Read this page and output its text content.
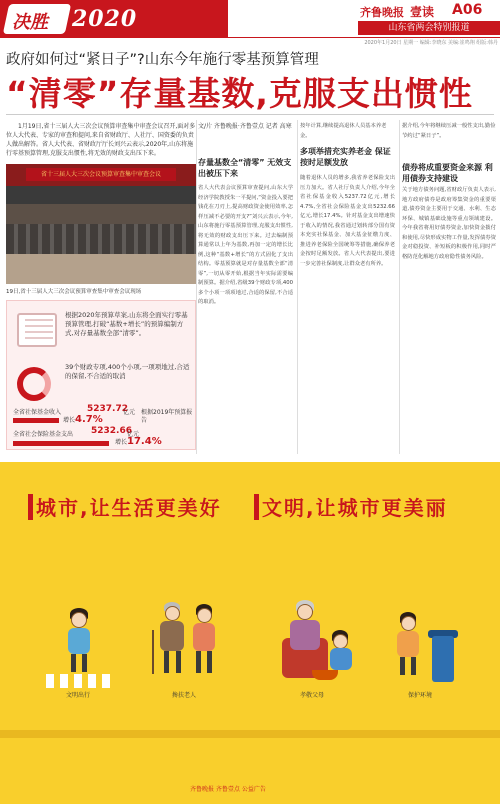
决胜 2020	齐鲁晚报 壹读 A06
山东省两会特别报道
2020年1月20日 星期一 编辑:李晓东 美编:崔鸣翔 组版:韩丹
政府如何过“紧日子”?山东今年施行零基预算管理
“清零”存量基数,克服支出惯性

1月19日,省十三届人大三次会议预算审查集中审查会议召开,面对多位人大代表、专家的审查和提问,来自省财政厅、人社厅、国资委的负责人做出解答。省人大代表、省财政厅厅长刘兴云表示,2020年,山东将施行零基预算管理,克服支出惯性,将无效的财政支出压下来。

省十三届人大三次会议预算审查集中审查会议
19日,省十三届人大三次会议预算审查集中审查会议现场
根据2020年预算草案,山东将全面实行零基预算管理,打破“基数+增长”的预算编制方式,对存量基数全部“清零”。
39个财政专项,400个小项,一项项地过,合适的保留,不合适的取消
全省社保基金收入	5237.72
亿元
增长4.7%
根据2019年预算报告
全省社会保险基金支出 5232.66
亿元
增长17.4%

文/片 齐鲁晚报·齐鲁壹点 记者 高寒

存量基数全“清零” 无效支出被压下来
省人大代表会议预算审查提问,山东大学经济学院教授朱一平提问,“资金投入要把钱花在刀刃上,提高财政资金使用效率,怎样压减不必要的开支?”刘兴云表示,今年,山东将施行零基预算管理,克服支出惯性,将无效的财政支出压下来。过去编制预算通常以上年为基数,再加一定的增长比例,这种“基数+增长”的方式固化了支出结构。零基预算就是对存量基数全部“清零”,一切从零开始,根据当年实际需要编制预算。据介绍,省级39个财政专项,400多个小项一项项地过,合适的保留,不合适的取消。
按年计算,继续提高退休人员基本养老金。
多项举措充实养老金 保证按时足额发放
随着退休人员的增多,我省养老保险支出压力加大。省人社厅负责人介绍,今年全省社保基金收入5237.72亿元,增长4.7%,全省社会保险基金支出5232.66亿元,增长17.4%。针对基金支出增速快于收入的情况,我省通过划转部分国有资本充实社保基金、加大基金征缴力度、推进养老保险全国统筹等措施,确保养老金按时足额发放。省人大代表提出,要进一步完善社保制度,让群众老有所养。
据介绍,今年将继续压减一般性支出,勤俭节约过“紧日子”。
债券将成重要资金来源 利用债券支持建设
关于地方债务问题,省财政厅负责人表示,地方政府债券是政府筹集资金的重要渠道,债券资金主要用于交通、水利、生态环保、城镇基础设施等重点领域建设。今年我省将用好债券资金,加快资金拨付和使用,尽快形成实物工作量,发挥债券资金对稳投资、补短板的积极作用,同时严格防范化解地方政府隐性债务风险。
城市,让生活更美好 文明,让城市更美丽
文明出行	搀扶老人	孝敬父母	保护环境
齐鲁晚报 齐鲁壹点 公益广告
